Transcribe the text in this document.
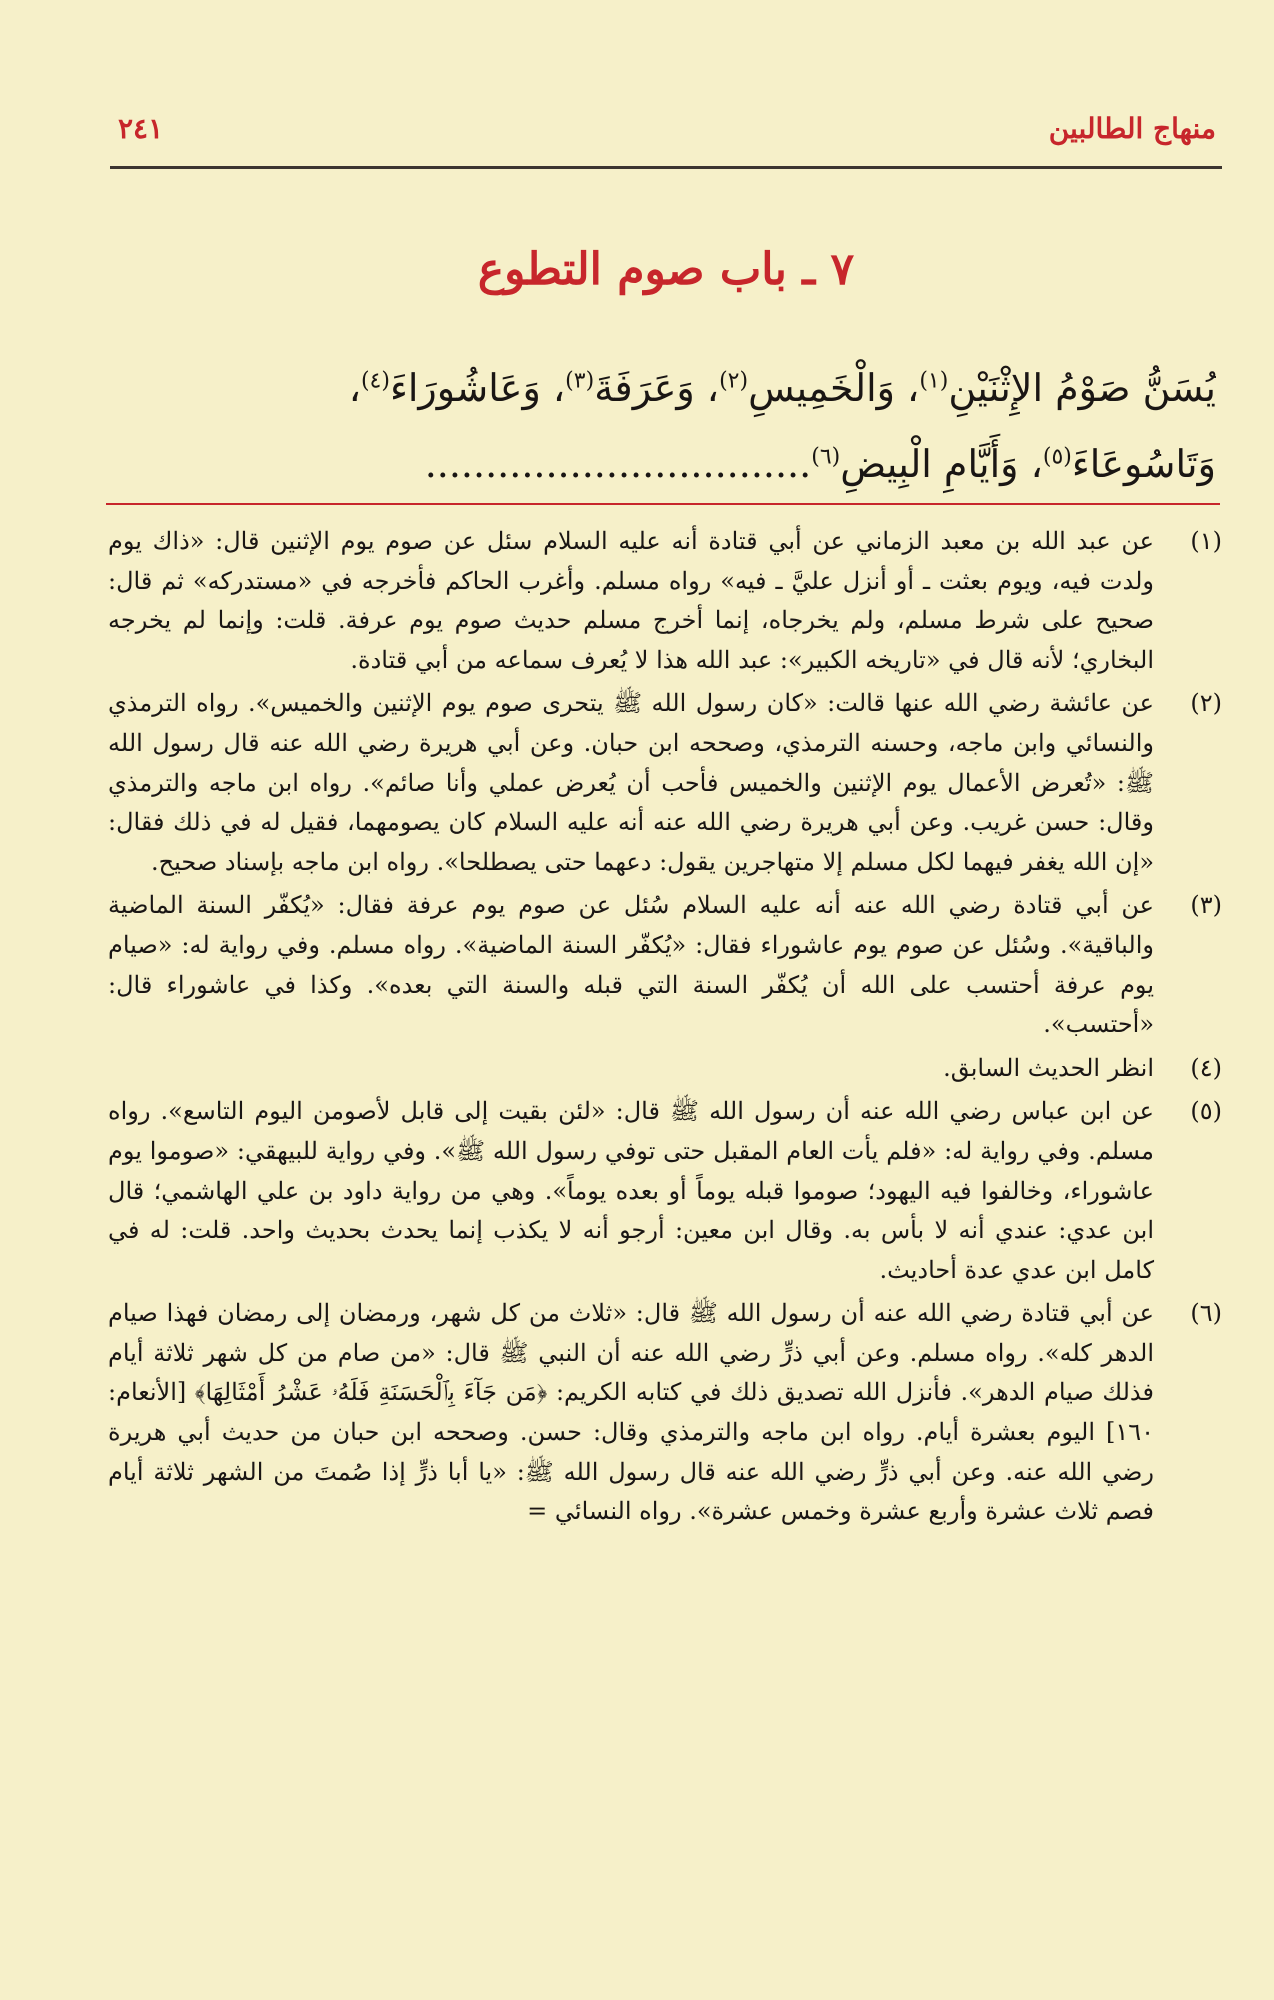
منهاج الطالبين
٢٤١
٧ ـ باب صوم التطوع
يُسَنُّ صَوْمُ الإِثْنَيْنِ$^{(١)}$، وَالْخَمِيسِ$^{(٢)}$، وَعَرَفَةَ$^{(٣)}$، وَعَاشُورَاءَ$^{(٤)}$،
وَتَاسُوعَاءَ$^{(٥)}$، وَأَيَّامِ الْبِيضِ$^{(٦)}$................................
(١)
عن عبد الله بن معبد الزماني عن أبي قتادة أنه عليه السلام سئل عن صوم يوم الإثنين قال: «ذاك يوم ولدت فيه، ويوم بعثت ـ أو أنزل عليَّ ـ فيه» رواه مسلم. وأغرب الحاكم فأخرجه في «مستدركه» ثم قال: صحيح على شرط مسلم، ولم يخرجاه، إنما أخرج مسلم حديث صوم يوم عرفة. قلت: وإنما لم يخرجه البخاري؛ لأنه قال في «تاريخه الكبير»: عبد الله هذا لا يُعرف سماعه من أبي قتادة.
(٢)
عن عائشة رضي الله عنها قالت: «كان رسول الله ﷺ يتحرى صوم يوم الإثنين والخميس». رواه الترمذي والنسائي وابن ماجه، وحسنه الترمذي، وصححه ابن حبان. وعن أبي هريرة رضي الله عنه قال رسول الله ﷺ: «تُعرض الأعمال يوم الإثنين والخميس فأحب أن يُعرض عملي وأنا صائم». رواه ابن ماجه والترمذي وقال: حسن غريب. وعن أبي هريرة رضي الله عنه أنه عليه السلام كان يصومهما، فقيل له في ذلك فقال: «إن الله يغفر فيهما لكل مسلم إلا متهاجرين يقول: دعهما حتى يصطلحا». رواه ابن ماجه بإسناد صحيح.
(٣)
عن أبي قتادة رضي الله عنه أنه عليه السلام سُئل عن صوم يوم عرفة فقال: «يُكفّر السنة الماضية والباقية». وسُئل عن صوم يوم عاشوراء فقال: «يُكفّر السنة الماضية». رواه مسلم. وفي رواية له: «صيام يوم عرفة أحتسب على الله أن يُكفّر السنة التي قبله والسنة التي بعده». وكذا في عاشوراء قال: «أحتسب».
(٤)
انظر الحديث السابق.
(٥)
عن ابن عباس رضي الله عنه أن رسول الله ﷺ قال: «لئن بقيت إلى قابل لأصومن اليوم التاسع». رواه مسلم. وفي رواية له: «فلم يأت العام المقبل حتى توفي رسول الله ﷺ». وفي رواية للبيهقي: «صوموا يوم عاشوراء، وخالفوا فيه اليهود؛ صوموا قبله يوماً أو بعده يوماً». وهي من رواية داود بن علي الهاشمي؛ قال ابن عدي: عندي أنه لا بأس به. وقال ابن معين: أرجو أنه لا يكذب إنما يحدث بحديث واحد. قلت: له في كامل ابن عدي عدة أحاديث.
(٦)
عن أبي قتادة رضي الله عنه أن رسول الله ﷺ قال: «ثلاث من كل شهر، ورمضان إلى رمضان فهذا صيام الدهر كله». رواه مسلم. وعن أبي ذرٍّ رضي الله عنه أن النبي ﷺ قال: «من صام من كل شهر ثلاثة أيام فذلك صيام الدهر». فأنزل الله تصديق ذلك في كتابه الكريم: ﴿مَن جَآءَ بِٱلْحَسَنَةِ فَلَهُۥ عَشْرُ أَمْثَالِهَا﴾ [الأنعام: ١٦٠] اليوم بعشرة أيام. رواه ابن ماجه والترمذي وقال: حسن. وصححه ابن حبان من حديث أبي هريرة رضي الله عنه. وعن أبي ذرٍّ رضي الله عنه قال رسول الله ﷺ: «يا أبا ذرٍّ إذا صُمتَ من الشهر ثلاثة أيام فصم ثلاث عشرة وأربع عشرة وخمس عشرة». رواه النسائي =
